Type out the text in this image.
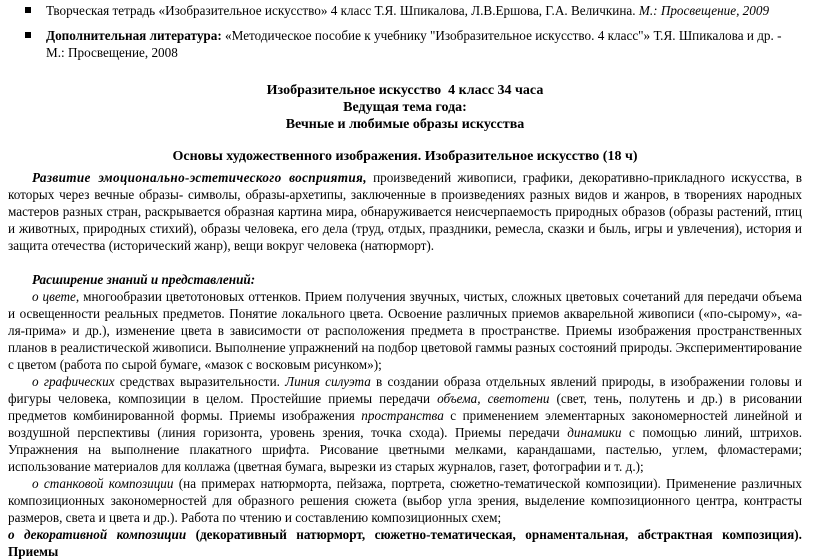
Творческая тетрадь «Изобразительное искусство» 4 класс Т.Я. Шпикалова, Л.В.Ершова, Г.А. Величкина. М.: Просвещение, 2009
Дополнительная литература: «Методическое пособие к учебнику "Изобразительное искусство. 4 класс"» Т.Я. Шпикалова и др. - М.: Просвещение, 2008
Изобразительное искусство  4 класс 34 часа
Ведущая тема года:
Вечные и любимые образы искусства
Основы художественного изображения. Изобразительное искусство (18 ч)
Развитие эмоционально-эстетического восприятия, произведений живописи, графики, декоративно-прикладного искусства, в которых через вечные образы- символы, образы-архетипы, заключенные в произведениях разных видов и жанров, в творениях народных мастеров разных стран, раскрывается образная картина мира, обнаруживается неисчерпаемость природных образов (образы растений, птиц и животных, природных стихий), образы человека, его дела (труд, отдых, праздники, ремесла, сказки и быль, игры и увлечения), история и защита отечества (исторический жанр), вещи вокруг человека (натюрморт).
Расширение знаний и представлений:
о цвете, многообразии цветотоновых оттенков. Прием получения звучных, чистых, сложных цветовых сочетаний для передачи объема и освещенности реальных предметов. Понятие локального цвета. Освоение различных приемов акварельной живописи («по-сырому», «а-ля-прима» и др.), изменение цвета в зависимости от расположения предмета в пространстве. Приемы изображения пространственных планов в реалистической живописи. Выполнение упражнений на подбор цветовой гаммы разных состояний природы. Экспериментирование с цветом (работа по сырой бумаге, «мазок с восковым рисунком»);
о графических средствах выразительности. Линия силуэта в создании образа отдельных явлений природы, в изображении головы и фигуры человека, композиции в целом. Простейшие приемы передачи объема, светотени (свет, тень, полутень и др.) в рисовании предметов комбинированной формы. Приемы изображения пространства с применением элементарных закономерностей линейной и воздушной перспективы (линия горизонта, уровень зрения, точка схода). Приемы передачи динамики с помощью линий, штрихов. Упражнения на выполнение плакатного шрифта. Рисование цветными мелками, карандашами, пастелью, углем, фломастерами; использование материалов для коллажа (цветная бумага, вырезки из старых журналов, газет, фотографии и т. д.);
о станковой композиции (на примерах натюрморта, пейзажа, портрета, сюжетно-тематической композиции). Применение различных композиционных закономерностей для образного решения сюжета (выбор угла зрения, выделение композиционного центра, контрасты размеров, света и цвета и др.). Работа по чтению и составлению композиционных схем;
о декоративной композиции (декоративный натюрморт, сюжетно-тематическая, орнаментальная, абстрактная композиция). Приемы
